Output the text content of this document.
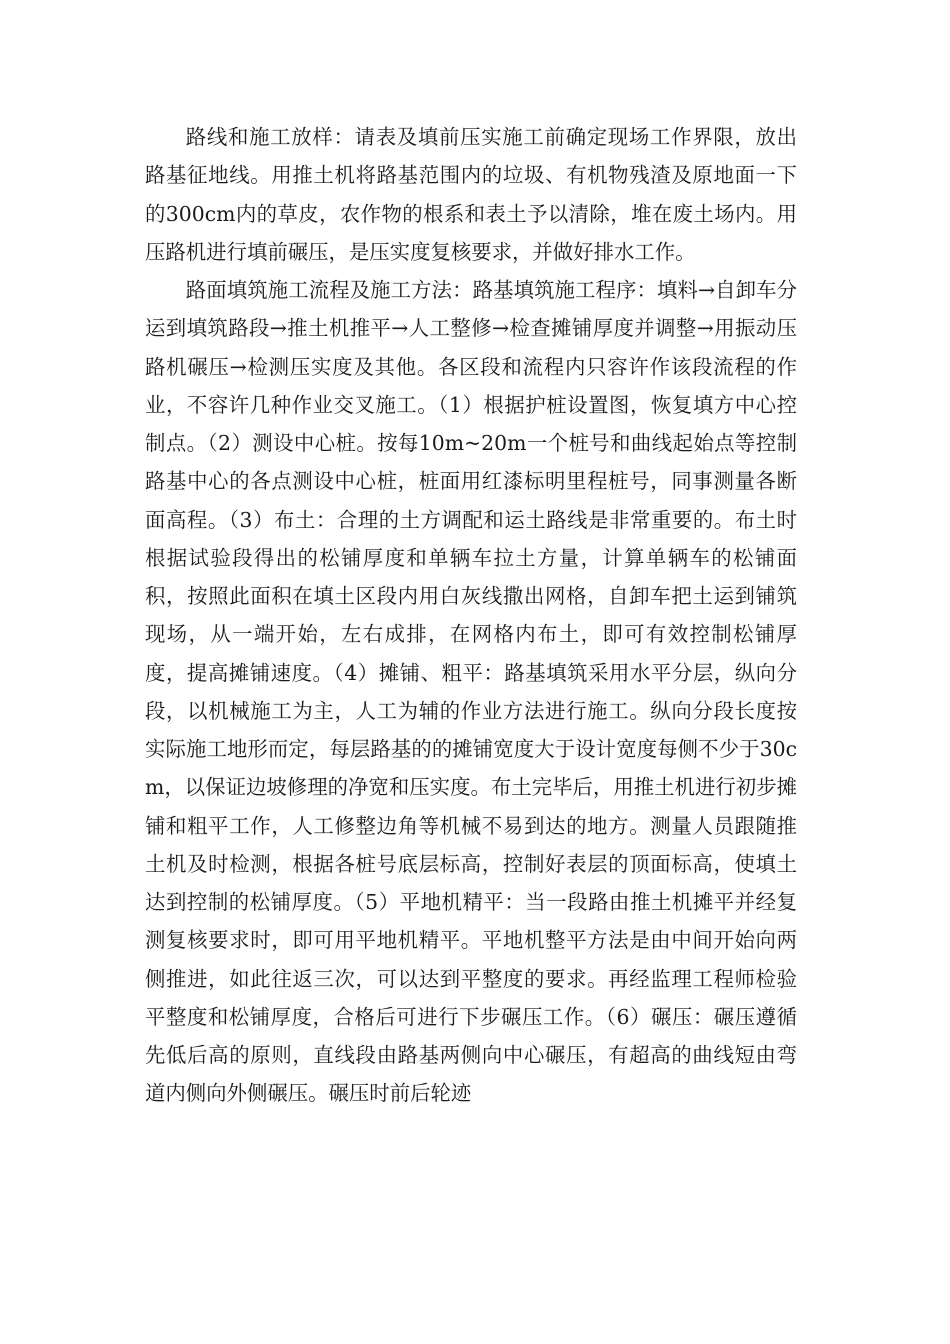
路线和施工放样：请表及填前压实施工前确定现场工作界限，放出路基征地线。用推土机将路基范围内的垃圾、有机物残渣及原地面一下的300cm内的草皮，农作物的根系和表土予以清除，堆在废土场内。用压路机进行填前碾压，是压实度复核要求，并做好排水工作。

路面填筑施工流程及施工方法：路基填筑施工程序：填料→自卸车分运到填筑路段→推土机推平→人工整修→检查摊铺厚度并调整→用振动压路机碾压→检测压实度及其他。各区段和流程内只容许作该段流程的作业，不容许几种作业交叉施工。（1）根据护桩设置图，恢复填方中心控制点。（2）测设中心桩。按每10m~20m一个桩号和曲线起始点等控制路基中心的各点测设中心桩，桩面用红漆标明里程桩号，同事测量各断面高程。（3）布土：合理的土方调配和运土路线是非常重要的。布土时根据试验段得出的松铺厚度和单辆车拉土方量，计算单辆车的松铺面积，按照此面积在填土区段内用白灰线撒出网格，自卸车把土运到铺筑现场，从一端开始，左右成排，在网格内布土，即可有效控制松铺厚度，提高摊铺速度。（4）摊铺、粗平：路基填筑采用水平分层，纵向分段，以机械施工为主，人工为辅的作业方法进行施工。纵向分段长度按实际施工地形而定，每层路基的的摊铺宽度大于设计宽度每侧不少于30cm，以保证边坡修理的净宽和压实度。布土完毕后，用推土机进行初步摊铺和粗平工作，人工修整边角等机械不易到达的地方。测量人员跟随推土机及时检测，根据各桩号底层标高，控制好表层的顶面标高，使填土达到控制的松铺厚度。（5）平地机精平：当一段路由推土机摊平并经复测复核要求时，即可用平地机精平。平地机整平方法是由中间开始向两侧推进，如此往返三次，可以达到平整度的要求。再经监理工程师检验平整度和松铺厚度，合格后可进行下步碾压工作。（6）碾压：碾压遵循先低后高的原则，直线段由路基两侧向中心碾压，有超高的曲线短由弯道内侧向外侧碾压。碾压时前后轮迹
